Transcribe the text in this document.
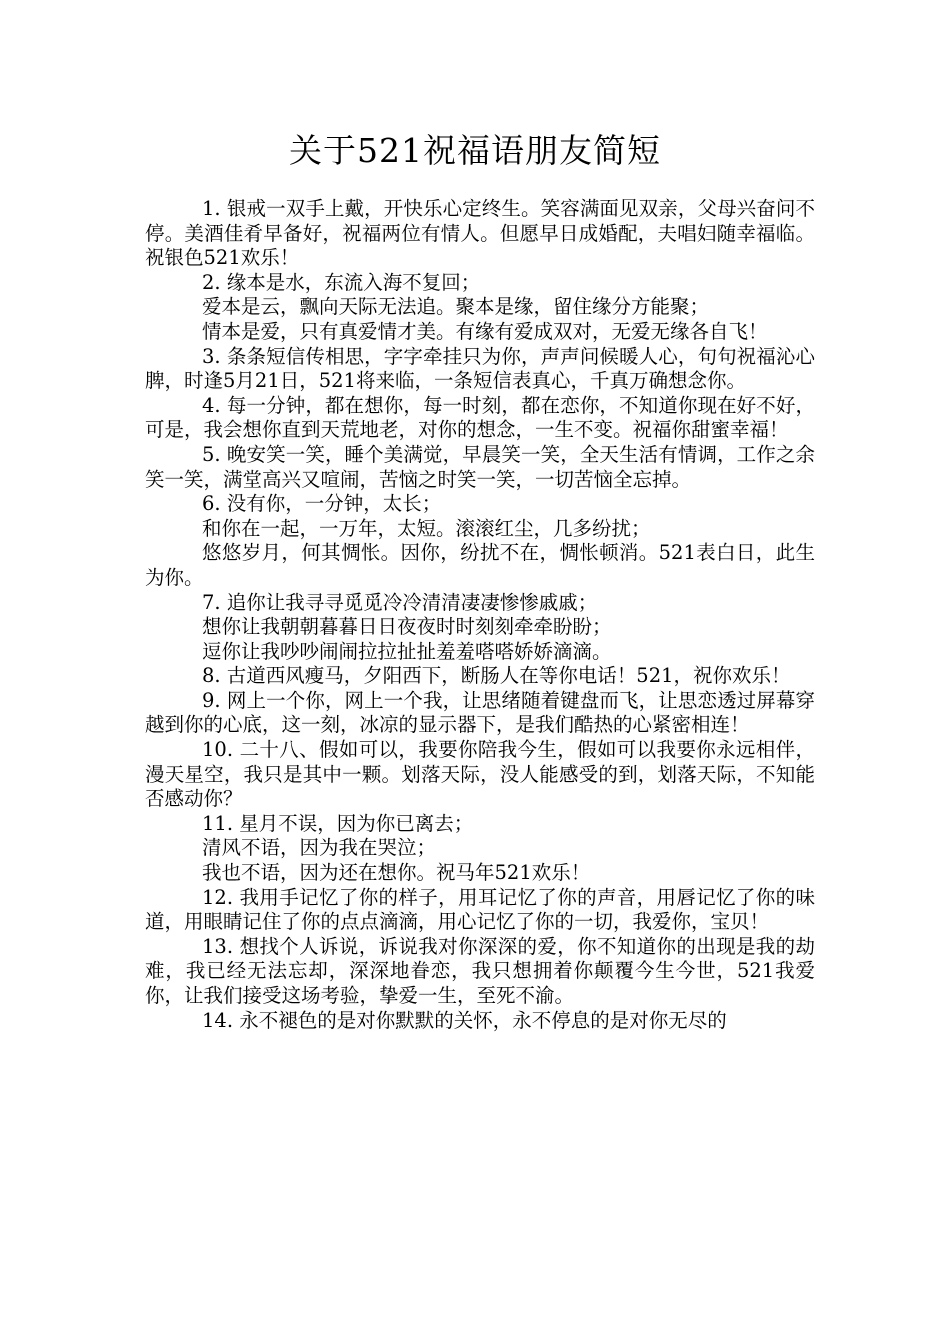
关于521祝福语朋友简短

1. 银戒一双手上戴，开快乐心定终生。笑容满面见双亲，父母兴奋问不停。美酒佳肴早备好，祝福两位有情人。但愿早日成婚配，夫唱妇随幸福临。祝银色521欢乐！

2. 缘本是水，东流入海不复回；

爱本是云，飘向天际无法追。聚本是缘，留住缘分方能聚；

情本是爱，只有真爱情才美。有缘有爱成双对，无爱无缘各自飞！

3. 条条短信传相思，字字牵挂只为你，声声问候暖人心，句句祝福沁心脾，时逢5月21日，521将来临，一条短信表真心，千真万确想念你。

4. 每一分钟，都在想你，每一时刻，都在恋你，不知道你现在好不好，可是，我会想你直到天荒地老，对你的想念，一生不变。祝福你甜蜜幸福！

5. 晚安笑一笑，睡个美满觉，早晨笑一笑，全天生活有情调，工作之余笑一笑，满堂高兴又喧闹，苦恼之时笑一笑，一切苦恼全忘掉。

6. 没有你，一分钟，太长；

和你在一起，一万年，太短。滚滚红尘，几多纷扰；

悠悠岁月，何其惆怅。因你，纷扰不在，惆怅顿消。521表白日，此生为你。

7. 追你让我寻寻觅觅冷冷清清凄凄惨惨戚戚；

想你让我朝朝暮暮日日夜夜时时刻刻牵牵盼盼；

逗你让我吵吵闹闹拉拉扯扯羞羞嗒嗒娇娇滴滴。

8. 古道西风瘦马，夕阳西下，断肠人在等你电话！521，祝你欢乐！

9. 网上一个你，网上一个我，让思绪随着键盘而飞，让思恋透过屏幕穿越到你的心底，这一刻，冰凉的显示器下，是我们酷热的心紧密相连！

10. 二十八、假如可以，我要你陪我今生，假如可以我要你永远相伴，漫天星空，我只是其中一颗。划落天际，没人能感受的到，划落天际，不知能否感动你？

11. 星月不误，因为你已离去；

清风不语，因为我在哭泣；

我也不语，因为还在想你。祝马年521欢乐！

12. 我用手记忆了你的样子，用耳记忆了你的声音，用唇记忆了你的味道，用眼睛记住了你的点点滴滴，用心记忆了你的一切，我爱你，宝贝！

13. 想找个人诉说，诉说我对你深深的爱，你不知道你的出现是我的劫难，我已经无法忘却，深深地眷恋，我只想拥着你颠覆今生今世，521我爱你，让我们接受这场考验，挚爱一生，至死不渝。

14. 永不褪色的是对你默默的关怀，永不停息的是对你无尽的
